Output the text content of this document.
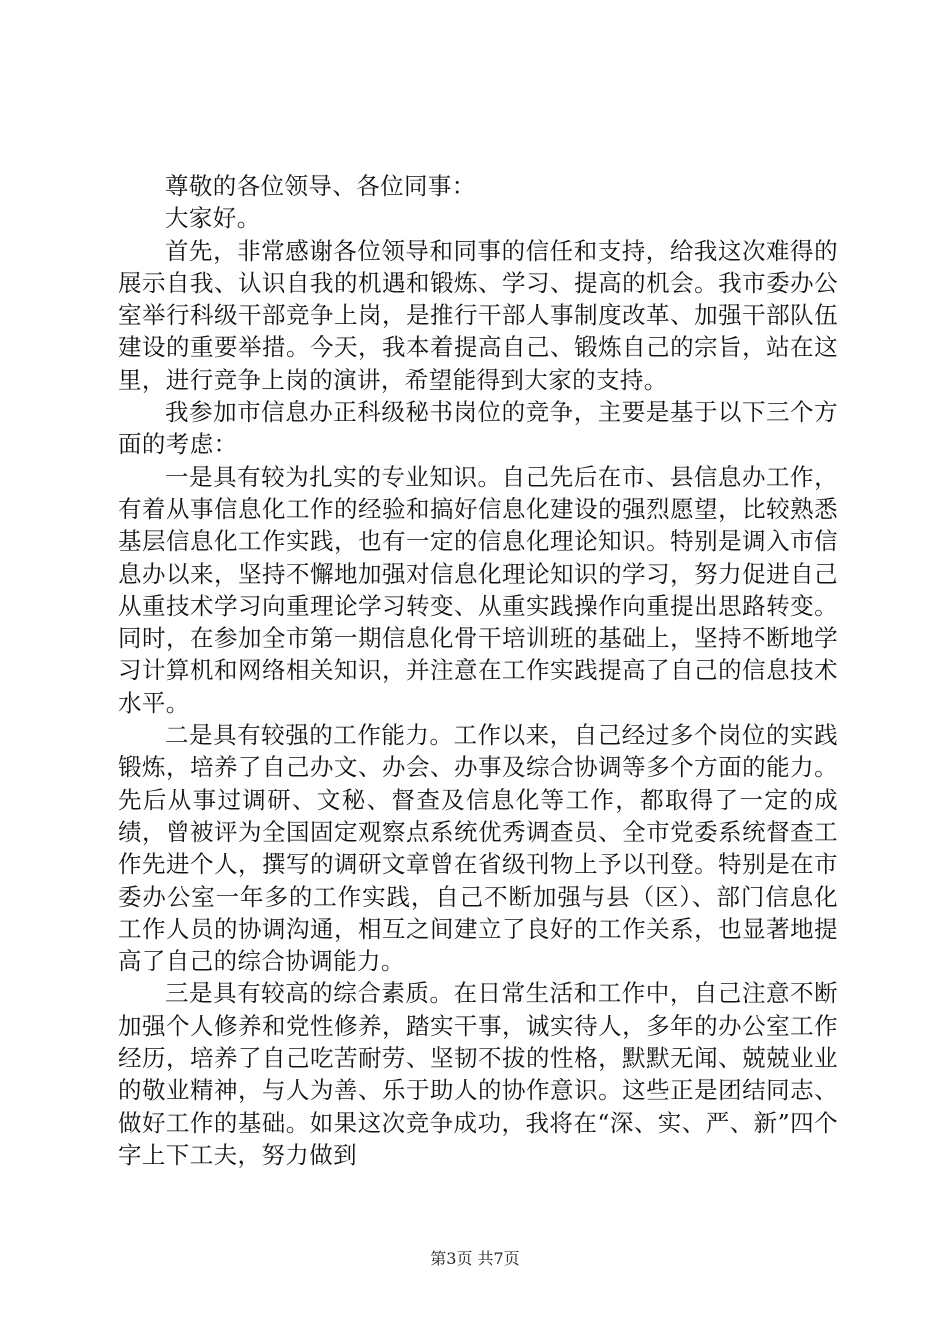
尊敬的各位领导、各位同事：

大家好。

首先，非常感谢各位领导和同事的信任和支持，给我这次难得的展示自我、认识自我的机遇和锻炼、学习、提高的机会。我市委办公室举行科级干部竞争上岗，是推行干部人事制度改革、加强干部队伍建设的重要举措。今天，我本着提高自己、锻炼自己的宗旨，站在这里，进行竞争上岗的演讲，希望能得到大家的支持。

我参加市信息办正科级秘书岗位的竞争，主要是基于以下三个方面的考虑：

一是具有较为扎实的专业知识。自己先后在市、县信息办工作，有着从事信息化工作的经验和搞好信息化建设的强烈愿望，比较熟悉基层信息化工作实践，也有一定的信息化理论知识。特别是调入市信息办以来，坚持不懈地加强对信息化理论知识的学习，努力促进自己从重技术学习向重理论学习转变、从重实践操作向重提出思路转变。同时，在参加全市第一期信息化骨干培训班的基础上，坚持不断地学习计算机和网络相关知识，并注意在工作实践提高了自己的信息技术水平。

二是具有较强的工作能力。工作以来，自己经过多个岗位的实践锻炼，培养了自己办文、办会、办事及综合协调等多个方面的能力。先后从事过调研、文秘、督查及信息化等工作，都取得了一定的成绩，曾被评为全国固定观察点系统优秀调查员、全市党委系统督查工作先进个人，撰写的调研文章曾在省级刊物上予以刊登。特别是在市委办公室一年多的工作实践，自己不断加强与县（区）、部门信息化工作人员的协调沟通，相互之间建立了良好的工作关系，也显著地提高了自己的综合协调能力。

三是具有较高的综合素质。在日常生活和工作中，自己注意不断加强个人修养和党性修养，踏实干事，诚实待人，多年的办公室工作经历，培养了自己吃苦耐劳、坚韧不拔的性格，默默无闻、兢兢业业的敬业精神，与人为善、乐于助人的协作意识。这些正是团结同志、做好工作的基础。如果这次竞争成功，我将在“深、实、严、新”四个字上下工夫，努力做到

第3页 共7页
